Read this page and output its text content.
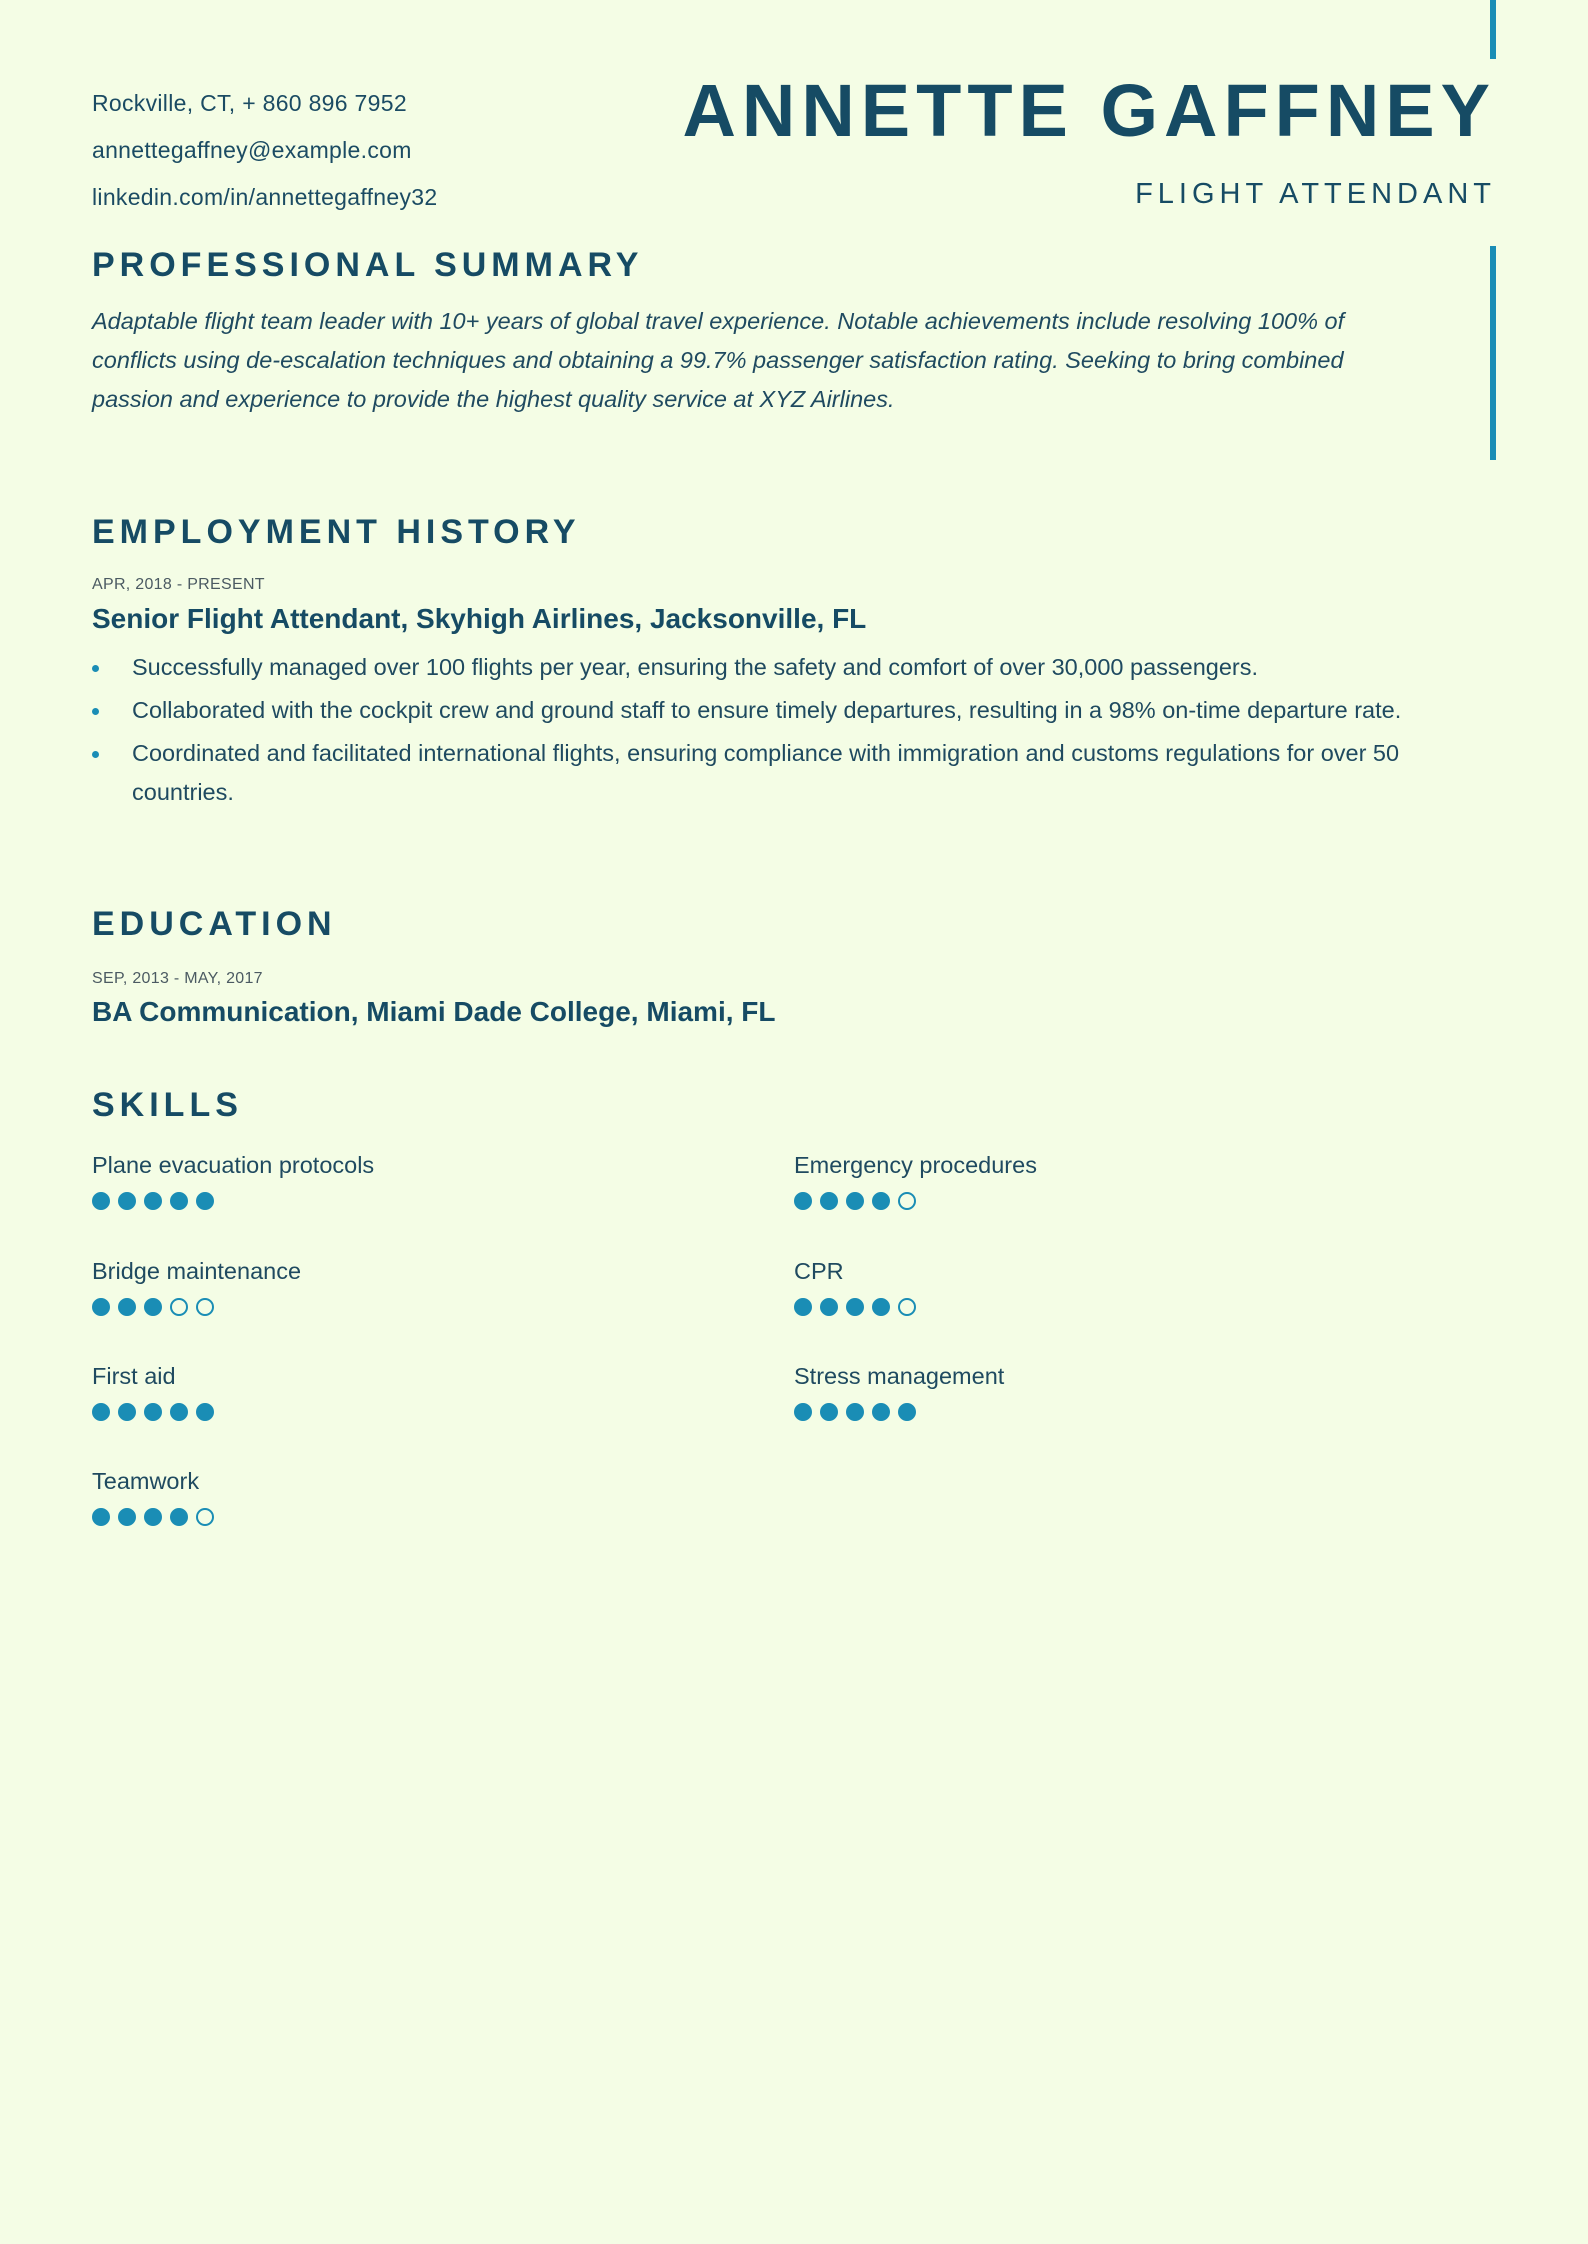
Rockville, CT, + 860 896 7952
annettegaffney@example.com
linkedin.com/in/annettegaffney32
ANNETTE GAFFNEY
FLIGHT ATTENDANT
PROFESSIONAL SUMMARY
Adaptable flight team leader with 10+ years of global travel experience. Notable achievements include resolving 100% of conflicts using de-escalation techniques and obtaining a 99.7% passenger satisfaction rating. Seeking to bring combined passion and experience to provide the highest quality service at XYZ Airlines.
EMPLOYMENT HISTORY
APR, 2018 - PRESENT
Senior Flight Attendant, Skyhigh Airlines, Jacksonville, FL
Successfully managed over 100 flights per year, ensuring the safety and comfort of over 30,000 passengers.
Collaborated with the cockpit crew and ground staff to ensure timely departures, resulting in a 98% on-time departure rate.
Coordinated and facilitated international flights, ensuring compliance with immigration and customs regulations for over 50 countries.
EDUCATION
SEP, 2013 - MAY, 2017
BA Communication, Miami Dade College, Miami, FL
SKILLS
Plane evacuation protocols	Emergency procedures
Bridge maintenance	CPR
First aid	Stress management
Teamwork
